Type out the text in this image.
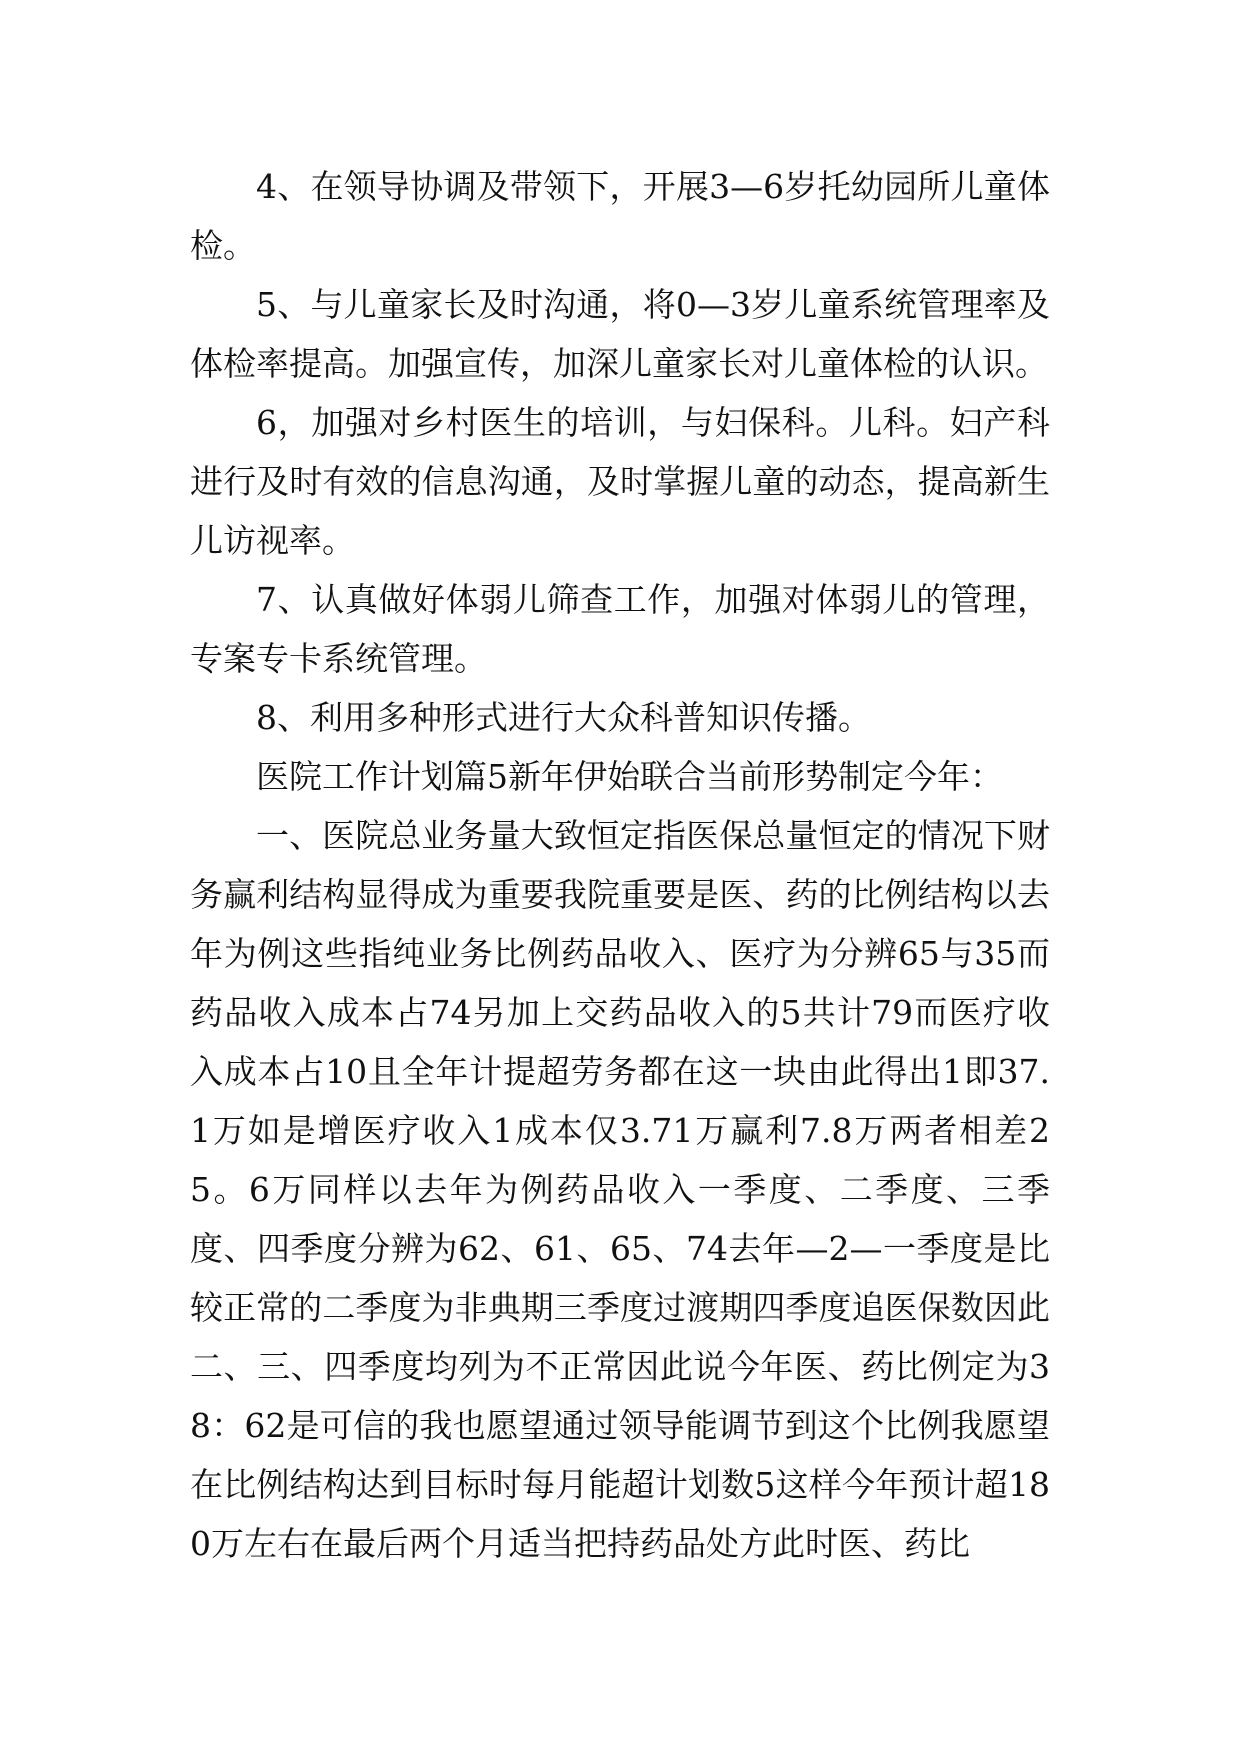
4、在领导协调及带领下，开展3—6岁托幼园所儿童体检。

5、与儿童家长及时沟通，将0—3岁儿童系统管理率及体检率提高。加强宣传，加深儿童家长对儿童体检的认识。

6，加强对乡村医生的培训，与妇保科。儿科。妇产科进行及时有效的信息沟通，及时掌握儿童的动态，提高新生儿访视率。

7、认真做好体弱儿筛查工作，加强对体弱儿的管理，专案专卡系统管理。

8、利用多种形式进行大众科普知识传播。

医院工作计划篇5新年伊始联合当前形势制定今年：

一、医院总业务量大致恒定指医保总量恒定的情况下财务赢利结构显得成为重要我院重要是医、药的比例结构以去年为例这些指纯业务比例药品收入、医疗为分辨65与35而药品收入成本占74另加上交药品收入的5共计79而医疗收入成本占10且全年计提超劳务都在这一块由此得出1即37.1万如是增医疗收入1成本仅3.71万赢利7.8万两者相差25。6万同样以去年为例药品收入一季度、二季度、三季度、四季度分辨为62、61、65、74去年—2—一季度是比较正常的二季度为非典期三季度过渡期四季度追医保数因此二、三、四季度均列为不正常因此说今年医、药比例定为38：62是可信的我也愿望通过领导能调节到这个比例我愿望在比例结构达到目标时每月能超计划数5这样今年预计超180万左右在最后两个月适当把持药品处方此时医、药比
